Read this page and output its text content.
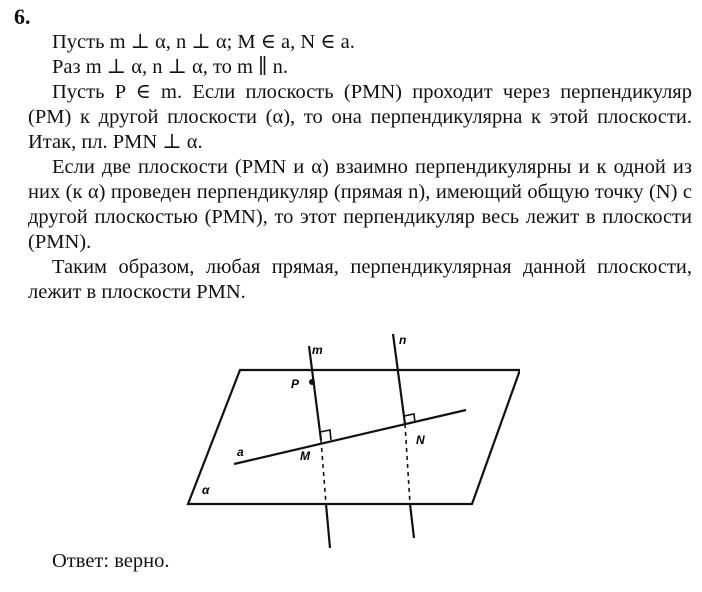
6.

Пусть m ⊥ α, n ⊥ α; M ∈ a, N ∈ a.

Раз m ⊥ α, n ⊥ α, то m ∥ n.

Пусть P ∈ m. Если плоскость (PMN) проходит через перпендикуляр (PM) к другой плоскости (α), то она перпендикулярна к этой плоскости. Итак, пл. PMN ⊥ α.

Если две плоскости (PMN и α) взаимно перпендикулярны и к одной из них (к α) проведен перпендикуляр (прямая n), имеющий общую точку (N) с другой плоскостью (PMN), то этот перпендикуляр весь лежит в плоскости (PMN).

Таким образом, любая прямая, перпендикулярная данной плоскости, лежит в плоскости PMN.

m
n
P
M
N
a
α
Ответ: верно.
